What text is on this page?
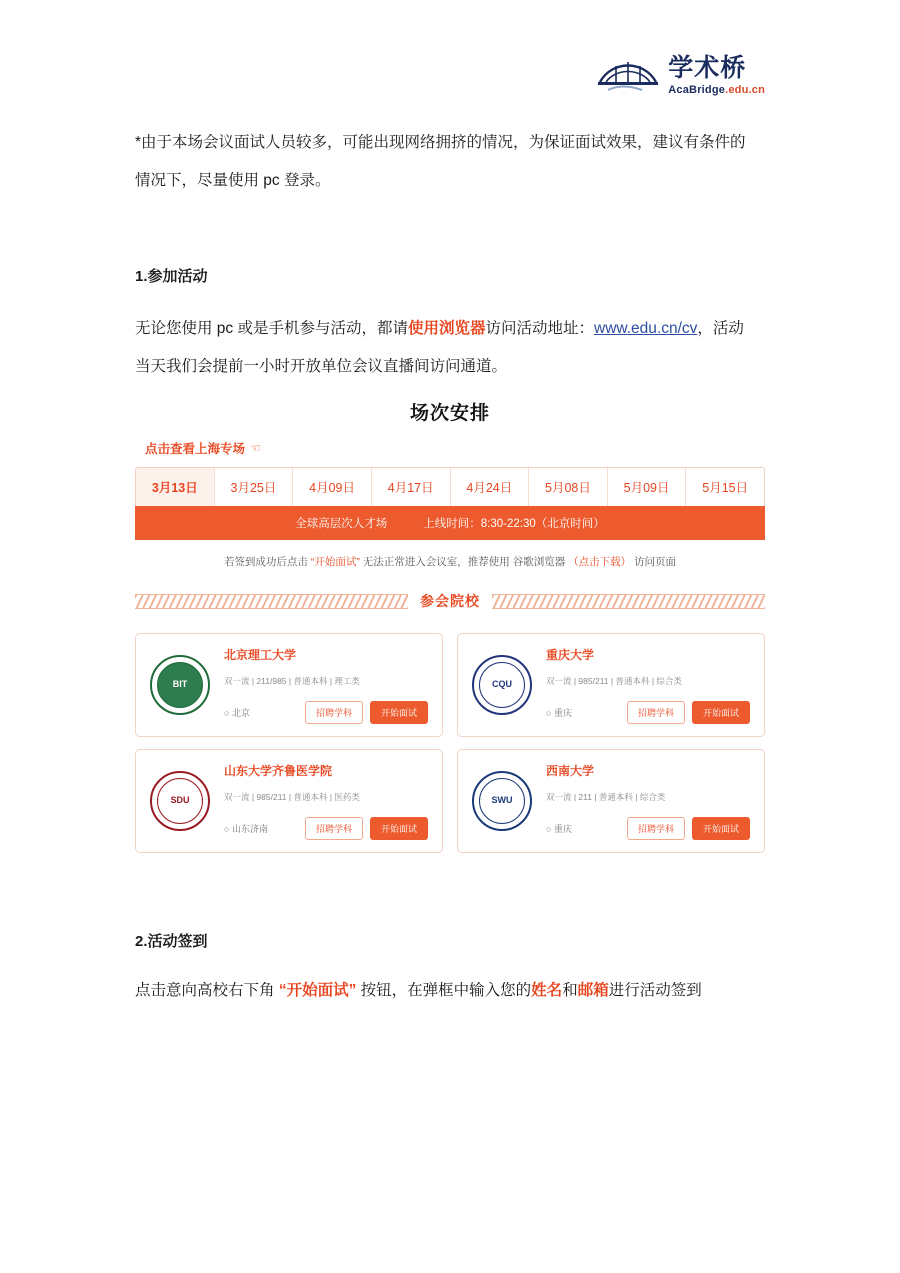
学术桥
AcaBridge.edu.cn
*由于本场会议面试人员较多，可能出现网络拥挤的情况，为保证面试效果，建议有条件的
情况下，尽量使用 pc 登录。
1.参加活动
无论您使用 pc 或是手机参与活动，都请使用浏览器访问活动地址：www.edu.cn/cv，活动
当天我们会提前一小时开放单位会议直播间访问通道。
场次安排
点击查看上海专场 ☜
3月13日	3月25日	4月09日	4月17日	4月24日	5月08日	5月09日	5月15日
全球高层次人才场	上线时间：8:30-22:30（北京时间）
若签到成功后点击 “开始面试” 无法正常进入会议室，推荐使用 谷歌浏览器 （点击下载） 访问页面
参会院校
BIT
北京理工大学
双一流 | 211/985 | 普通本科 | 理工类
○ 北京	招聘学科	开始面试
CQU
重庆大学
双一流 | 985/211 | 普通本科 | 综合类
○ 重庆	招聘学科	开始面试
SDU
山东大学齐鲁医学院
双一流 | 985/211 | 普通本科 | 医药类
○ 山东济南	招聘学科	开始面试
SWU
西南大学
双一流 | 211 | 普通本科 | 综合类
○ 重庆	招聘学科	开始面试
2.活动签到
点击意向高校右下角 “开始面试” 按钮，在弹框中输入您的姓名和邮箱进行活动签到
